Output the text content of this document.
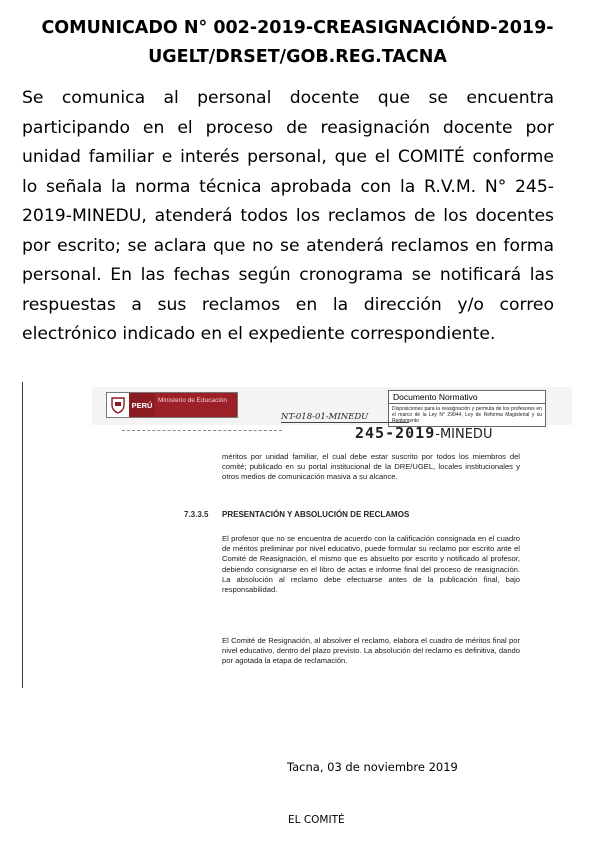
COMUNICADO N° 002-2019-CREASIGNACIÓND-2019-
UGELT/DRSET/GOB.REG.TACNA

Se comunica al personal docente que se encuentra participando en el proceso de reasignación docente por unidad familiar e interés personal, que el COMITÉ conforme lo señala la norma técnica aprobada con la R.V.M. N° 245-2019-MINEDU, atenderá todos los reclamos de los docentes por escrito; se aclara que no se atenderá reclamos en forma personal. En las fechas según cronograma se notificará las respuestas a sus reclamos en la dirección y/o correo electrónico indicado en el expediente correspondiente.

PERÚ Ministerio de Educación	Documento Normativo
Disposiciones para la reasignación y permuta de los profesores en el marco de la Ley N° 29944, Ley de Reforma Magisterial y su Reglamento
NT-018-01-MINEDU
245-2019-MINEDU

méritos por unidad familiar, el cual debe estar suscrito por todos los miembros del comité; publicado en su portal institucional de la DRE/UGEL, locales institucionales y otros medios de comunicación masiva a su alcance.

7.3.3.5 PRESENTACIÓN Y ABSOLUCIÓN DE RECLAMOS

El profesor que no se encuentra de acuerdo con la calificación consignada en el cuadro de méritos preliminar por nivel educativo, puede formular su reclamo por escrito ante el Comité de Reasignación, el mismo que es absuelto por escrito y notificado al profesor, debiendo consignarse en el libro de actas e informe final del proceso de reasignación. La absolución al reclamo debe efectuarse antes de la publicación final, bajo responsabilidad.

El Comité de Resignación, al absolver el reclamo, elabora el cuadro de méritos final por nivel educativo, dentro del plazo previsto. La absolución del reclamo es definitiva, dando por agotada la etapa de reclamación.

Tacna, 03 de noviembre 2019
EL COMITÉ
